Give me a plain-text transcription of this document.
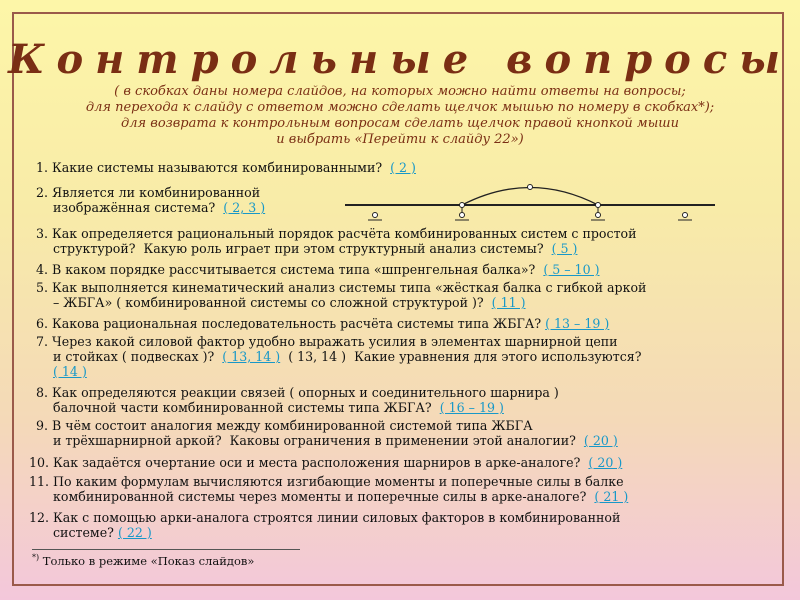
Контрольные вопросы
( в скобках даны номера слайдов, на которых можно найти ответы на вопросы;
для перехода к слайду с ответом можно сделать щелчок мышью по номеру в скобках*);
для возврата к контрольным вопросам сделать щелчок правой кнопкой мыши
и выбрать «Перейти к слайду 22»)
1. Какие системы называются комбинированными? ( 2 )
2. Является ли комбинированной
изображённая система? ( 2, 3 )
3. Как определяется рациональный порядок расчёта комбинированных систем с простой
структурой?  Какую роль играет при этом структурный анализ системы? ( 5 )
4. В каком порядке рассчитывается система типа «шпренгельная балка»? ( 5 – 10 )
5. Как выполняется кинематический анализ системы типа «жёсткая балка с гибкой аркой
– ЖБГА» ( комбинированной системы со сложной структурой )? ( 11 )
6. Какова рациональная последовательность расчёта системы типа ЖБГА? ( 13 – 19 )
7. Через какой силовой фактор удобно выражать усилия в элементах шарнирной цепи
и стойках ( подвесках )? ( 13, 14 ) ( 13, 14 )  Какие уравнения для этого используются?
( 14 )
8. Как определяются реакции связей ( опорных и соединительного шарнира )
балочной части комбинированной системы типа ЖБГА? ( 16 – 19 )
9. В чём состоит аналогия между комбинированной системой типа ЖБГА
и трёхшарнирной аркой?  Каковы ограничения в применении этой аналогии? ( 20 )
10. Как задаётся очертание оси и места расположения шарниров в арке-аналоге? ( 20 )
11. По каким формулам вычисляются изгибающие моменты и поперечные силы в балке
комбинированной системы через моменты и поперечные силы в арке-аналоге? ( 21 )
12. Как с помощью арки-аналога строятся линии силовых факторов в комбинированной
системе? ( 22 )
*) Только в режиме «Показ слайдов»
